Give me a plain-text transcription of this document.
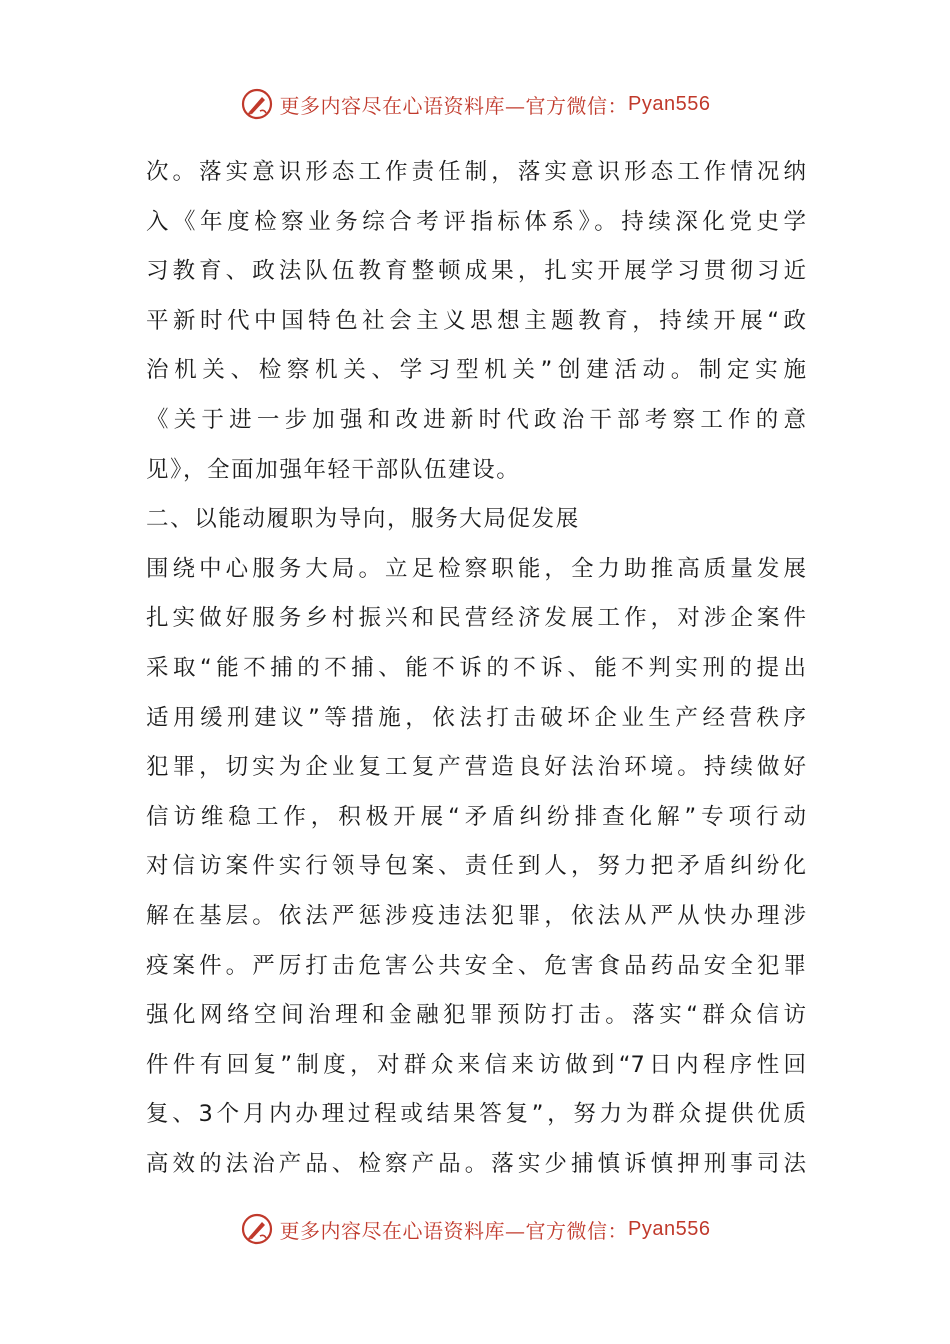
更多内容尽在心语资料库—官方微信： Pyan556
次。落实意识形态工作责任制，落实意识形态工作情况纳
入《年度检察业务综合考评指标体系》。持续深化党史学
习教育、政法队伍教育整顿成果，扎实开展学习贯彻习近
平新时代中国特色社会主义思想主题教育，持续开展“政
治机关、检察机关、学习型机关”创建活动。制定实施
《关于进一步加强和改进新时代政治干部考察工作的意
见》，全面加强年轻干部队伍建设。
二、以能动履职为导向，服务大局促发展
围绕中心服务大局。立足检察职能，全力助推高质量发展
扎实做好服务乡村振兴和民营经济发展工作，对涉企案件
采取“能不捕的不捕、能不诉的不诉、能不判实刑的提出
适用缓刑建议”等措施，依法打击破坏企业生产经营秩序
犯罪，切实为企业复工复产营造良好法治环境。持续做好
信访维稳工作，积极开展“矛盾纠纷排查化解”专项行动
对信访案件实行领导包案、责任到人，努力把矛盾纠纷化
解在基层。依法严惩涉疫违法犯罪，依法从严从快办理涉
疫案件。严厉打击危害公共安全、危害食品药品安全犯罪
强化网络空间治理和金融犯罪预防打击。落实“群众信访
件件有回复”制度，对群众来信来访做到“7日内程序性回
复、3个月内办理过程或结果答复”，努力为群众提供优质
高效的法治产品、检察产品。落实少捕慎诉慎押刑事司法
更多内容尽在心语资料库—官方微信： Pyan556
